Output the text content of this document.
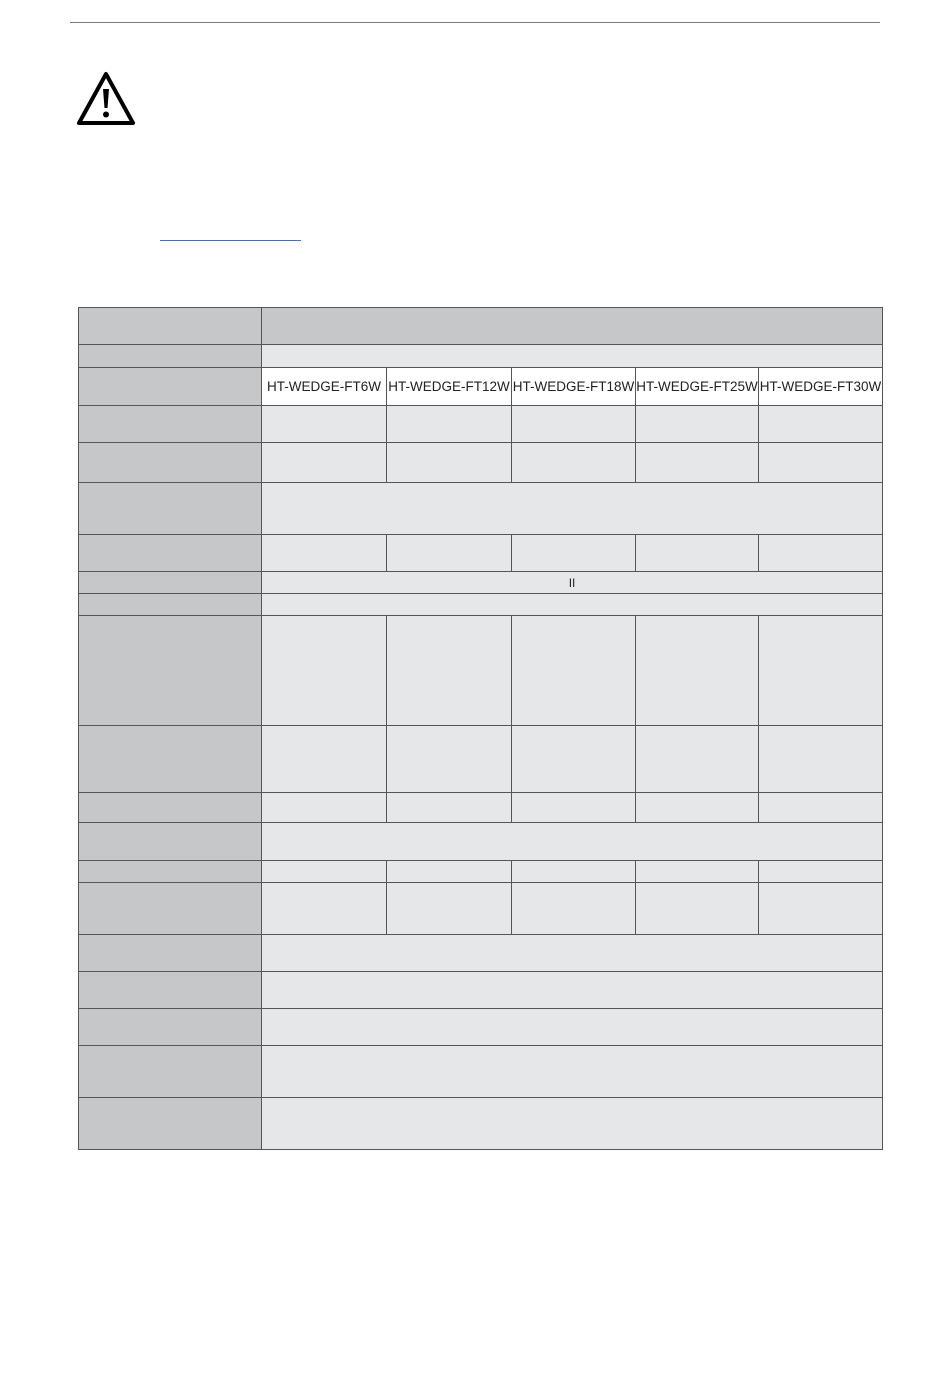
	HT-WEDGE-FT6W	HT-WEDGE-FT12W	HT-WEDGE-FT18W	HT-WEDGE-FT25W	HT-WEDGE-FT30W

	II				
